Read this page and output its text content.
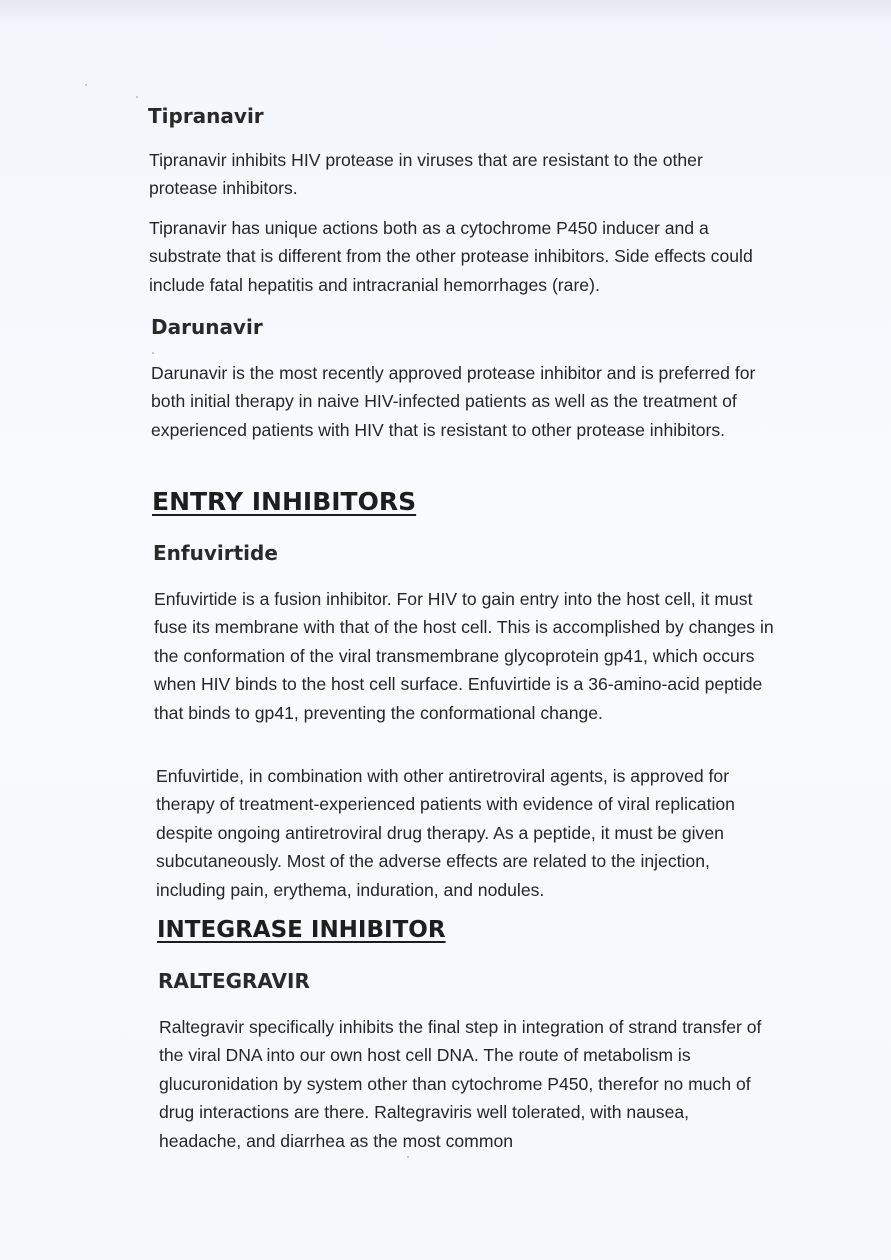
Tipranavir

Tipranavir inhibits HIV protease in viruses that are resistant to the other protease inhibitors.

Tipranavir has unique actions both as a cytochrome P450 inducer and a substrate that is different from the other protease inhibitors. Side effects could include fatal hepatitis and intracranial hemorrhages (rare).

Darunavir

Darunavir is the most recently approved protease inhibitor and is preferred for both initial therapy in naive HIV-infected patients as well as the treatment of experienced patients with HIV that is resistant to other protease inhibitors.

ENTRY INHIBITORS
Enfuvirtide

Enfuvirtide is a fusion inhibitor. For HIV to gain entry into the host cell, it must fuse its membrane with that of the host cell. This is accomplished by changes in the conformation of the viral transmembrane glycoprotein gp41, which occurs when HIV binds to the host cell surface. Enfuvirtide is a 36-amino-acid peptide that binds to gp41, preventing the conformational change.

Enfuvirtide, in combination with other antiretroviral agents, is approved for therapy of treatment-experienced patients with evidence of viral replication despite ongoing antiretroviral drug therapy. As a peptide, it must be given subcutaneously. Most of the adverse effects are related to the injection, including pain, erythema, induration, and nodules.

INTEGRASE INHIBITOR
RALTEGRAVIR

Raltegravir specifically inhibits the final step in integration of strand transfer of the viral DNA into our own host cell DNA. The route of metabolism is glucuronidation by system other than cytochrome P450, therefor no much of drug interactions are there. Raltegraviris well tolerated, with nausea, headache, and diarrhea as the most common
